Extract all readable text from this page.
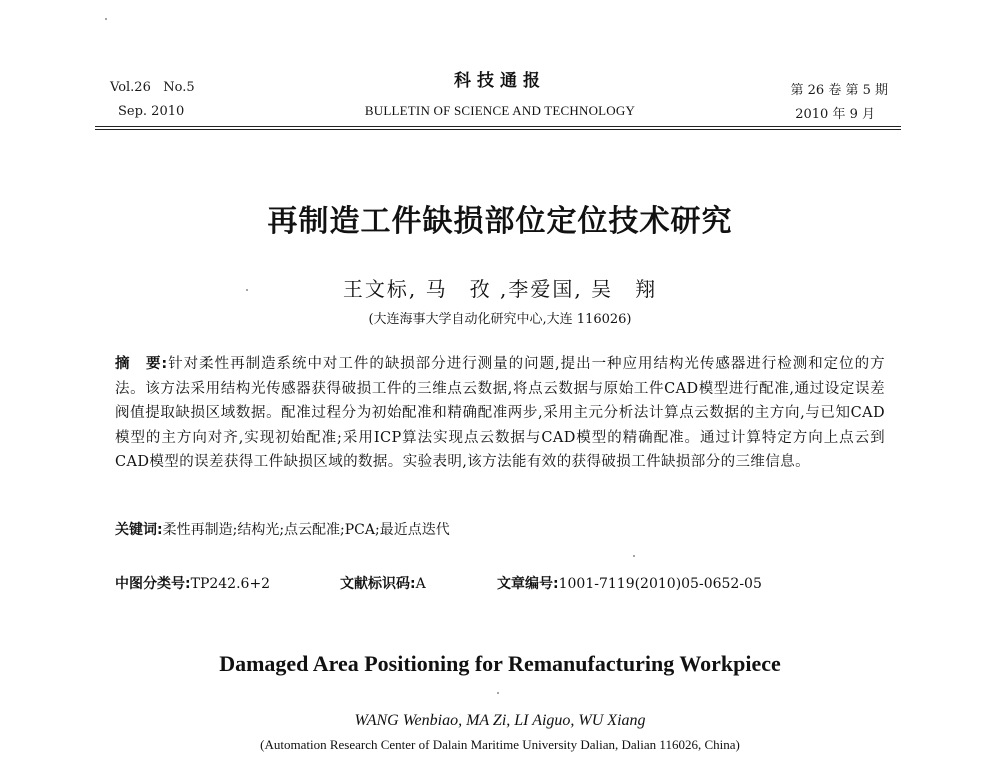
Vol.26 No.5
Sep. 2010
科技通报
BULLETIN OF SCIENCE AND TECHNOLOGY
第 26 卷 第 5 期
2010 年 9 月
再制造工件缺损部位定位技术研究
王文标, 马　孜 ,李爱国, 吴　翔
(大连海事大学自动化研究中心,大连 116026)
摘　要:针对柔性再制造系统中对工件的缺损部分进行测量的问题,提出一种应用结构光传感器进行检测和定位的方法。该方法采用结构光传感器获得破损工件的三维点云数据,将点云数据与原始工件CAD模型进行配准,通过设定误差阀值提取缺损区域数据。配准过程分为初始配准和精确配准两步,采用主元分析法计算点云数据的主方向,与已知CAD模型的主方向对齐,实现初始配准;采用ICP算法实现点云数据与CAD模型的精确配准。通过计算特定方向上点云到CAD模型的误差获得工件缺损区域的数据。实验表明,该方法能有效的获得破损工件缺损部分的三维信息。
关键词:柔性再制造;结构光;点云配准;PCA;最近点迭代
中图分类号:TP242.6+2	文献标识码:A	文章编号:1001-7119(2010)05-0652-05
Damaged Area Positioning for Remanufacturing Workpiece
WANG Wenbiao, MA Zi, LI Aiguo, WU Xiang
(Automation Research Center of Dalain Maritime University Dalian, Dalian 116026, China)
